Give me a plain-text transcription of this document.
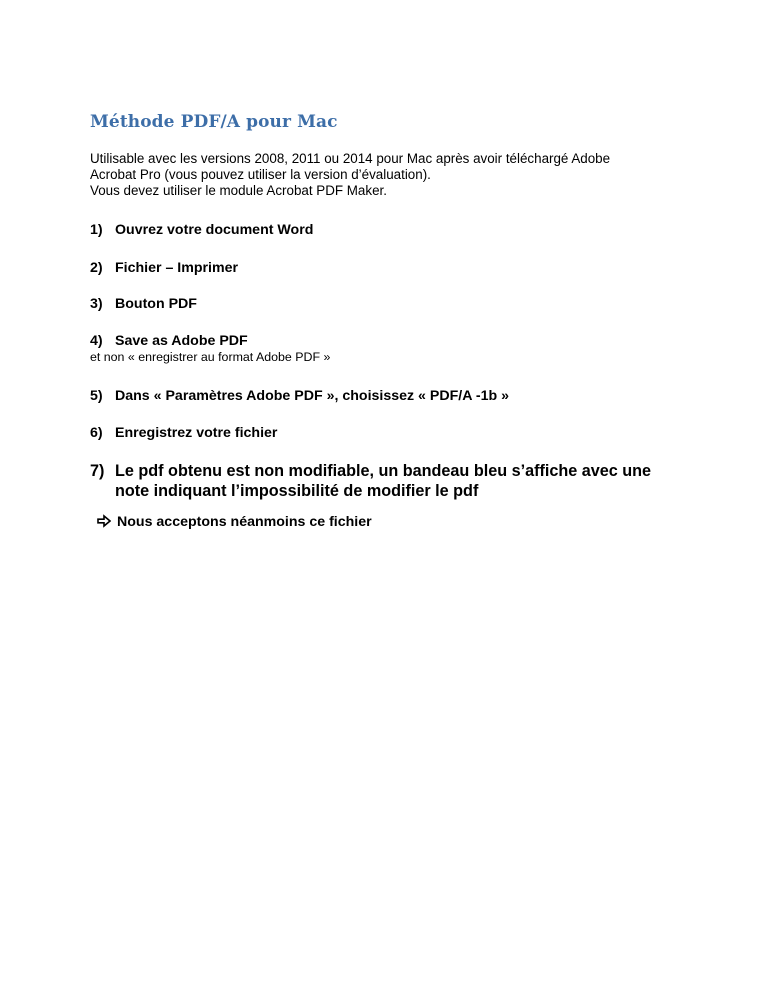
Méthode PDF/A pour Mac
Utilisable avec les versions 2008, 2011 ou 2014 pour Mac après avoir téléchargé Adobe
Acrobat Pro (vous pouvez utiliser la version d’évaluation).
Vous devez utiliser le module Acrobat PDF Maker.
1) Ouvrez votre document Word
2) Fichier – Imprimer
3) Bouton PDF
4) Save as Adobe PDF
et non « enregistrer au format Adobe PDF »
5) Dans « Paramètres Adobe PDF », choisissez « PDF/A -1b »
6) Enregistrez votre fichier
7) Le pdf obtenu est non modifiable, un bandeau bleu s’affiche avec une
note indiquant l’impossibilité de modifier le pdf
Nous acceptons néanmoins ce fichier
